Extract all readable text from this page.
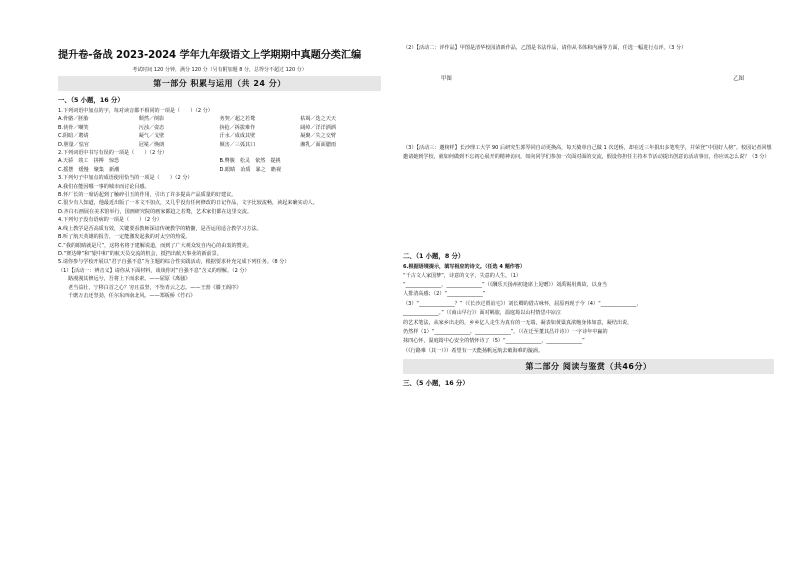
提升卷-备战 2023-2024 学年九年级语文上学期期中真题分类汇编
考试时间 120 分钟，满分 120 分（另有附加题 8 分，总得分不超过 120 分）
第一部分 积累与运用（共 24 分）
一、（5 小题，16 分）
1.下列词语中加点的字，每对读音都不相同的一项是（　　）（2 分）
A.骨骼／胚胎	颓然／倒影	务契／超之若鹜	枯竭／迭之天天
B.侠骨／嘲笑	污浊／姿态	拚抢／拆拔难作	阔绰／洋洋洒洒
C.阴暗／聘请	凝气／戈壁	汗水／成成其壁	凝聚／失之交臂
D.胆量／怯官	冠冕／焕朗	颠害／三弧其口	湘乳／面面腮雨
2.下列词语中书写有误的一项是（　　）（2 分）
A.天骄　竣工　拼搏　惊恐	B.臀腹　松灵　依然　提挑
C.摇摆　缓慢　聚集　新潮	D.眼睛　冶质　暴之　瞻视
3.下列句子中加点的成语使用恰当的一项是（　　）（2 分）
A.我们在能因哪一事的城市而讨论目感。
B.怀厂长的一席话起到了触碎引玉的作用，引出了许多提高产品质量的好建议。
C.很少有人知道，他最近出版了一本文不加点，又几乎没有任何修改的日记作品，文字比较流畅，读起来确实动人。
D.齐白石画展在美术馆举行，国画研究院的画家都趋之若鹜，艺术家们都在这里交流。
4.下列句子没有语病的一项是（　　）（2 分）
A.线上教学是否高质有效，关键要看教师深谙传统教学的精髓，是否运用适合教学习方法。
B.听了航天英雄的报告，一定能激发起我的对太空的热爱。
C.“我的眼睛就是尺”，这将名将于建解说道，而到了广大观众发自内心的由衷的赞美。
D.“赛达峰”和“银中和”的航天员交流的机会，抵挡出航天事业的新前景。
5.请你参与学校开展以“君子自强不息”为主题的综合性实践活动，根据要求补充完成下列任务。（8 分）
（1）【活动一：辨音义】请你从下面材料，谈谈你对“自强不息”含义的理解。（2 分）
路漫漫其修远兮，吾将上下而求索。——屈原《离骚》
老当益壮，宁移白首之心？穷且益坚，不坠青云之志。——王勃《滕王阁序》
千磨万击还坚劲，任尔东西南北风。——郑板桥《竹石》
（2）【活动二：评作品】甲图是清华校园清新作品，乙图是书法作品，请你从书体和内涵等方面，任选一幅进行点评。（3 分）
甲图	乙图
（3）【活动三：邀榜样】长沙理工大学 90 后研究生郭琴同自动更换高，每天骑单自己做 1 次送桥，却在近三年捐出多笔奖学，并荣登“中国好人榜”。校园记者回想邀请她到学校，就如何做到不忘初心展开的精神访问，如向同学们参加一次面对面的交流，假设你担任主持本节活动提出创意访活动事宜，你应该怎么说？（3 分）
二、（1 小题，8 分）
6.根据语境提示，填写相应的诗文。（任选 4 题作答）
“千古文人家国梦”，诗意的文字，失意的人生。（1）
“______________，______________”（《酬乐天扬州初逢席上见赠》）刘禹锡用典故，以身当
人排清高感；（2）“______________”
（3）“______________？”（《长沙过贾谊宅》）刘长卿的借古咏怀，屈原再现于今（4）“______________，
______________。”（《商山早行》）面对羁旅，温庭筠以山村情思中凉泣
的艺术笔法，从家乡出走的，乡乡亿人走生为真有的一无端，凝表如黄粱真浓缩身体如意，凝结出说，
仍然样（1）“______________，______________”。（《在迁至董其昌并诗》）一字诗年中赢的
抹四心怀，温庭筠中心安全的情怀诗了（5）“______________，______________”
（《行路难（其一）》）希望有一天能扬帆远航去破海难的漩涡。
第二部分 阅读与鉴赏（共46分）
三、（5 小题，16 分）
